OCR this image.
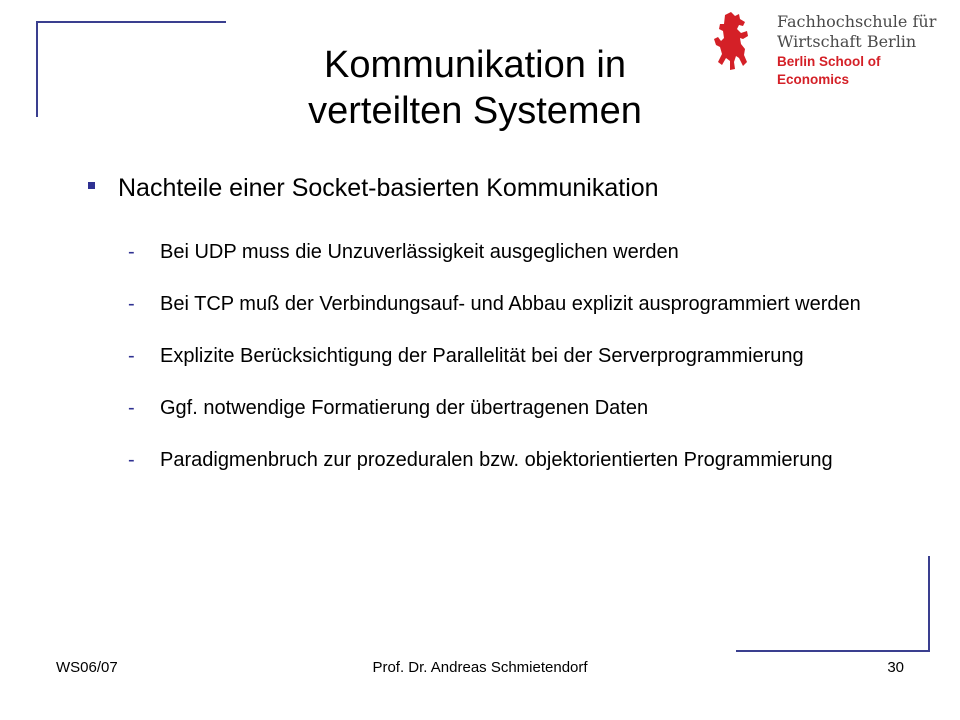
Kommunikation in
verteilten Systemen
Fachhochschule für
Wirtschaft Berlin
Berlin School of Economics
Nachteile einer Socket-basierten Kommunikation
- Bei UDP muss die Unzuverlässigkeit ausgeglichen werden
- Bei TCP muß der Verbindungsauf- und Abbau explizit ausprogrammiert werden
- Explizite Berücksichtigung der Parallelität bei der Serverprogrammierung
- Ggf. notwendige Formatierung der übertragenen Daten
- Paradigmenbruch zur prozeduralen bzw. objektorientierten Programmierung
WS06/07	Prof. Dr. Andreas Schmietendorf	30
